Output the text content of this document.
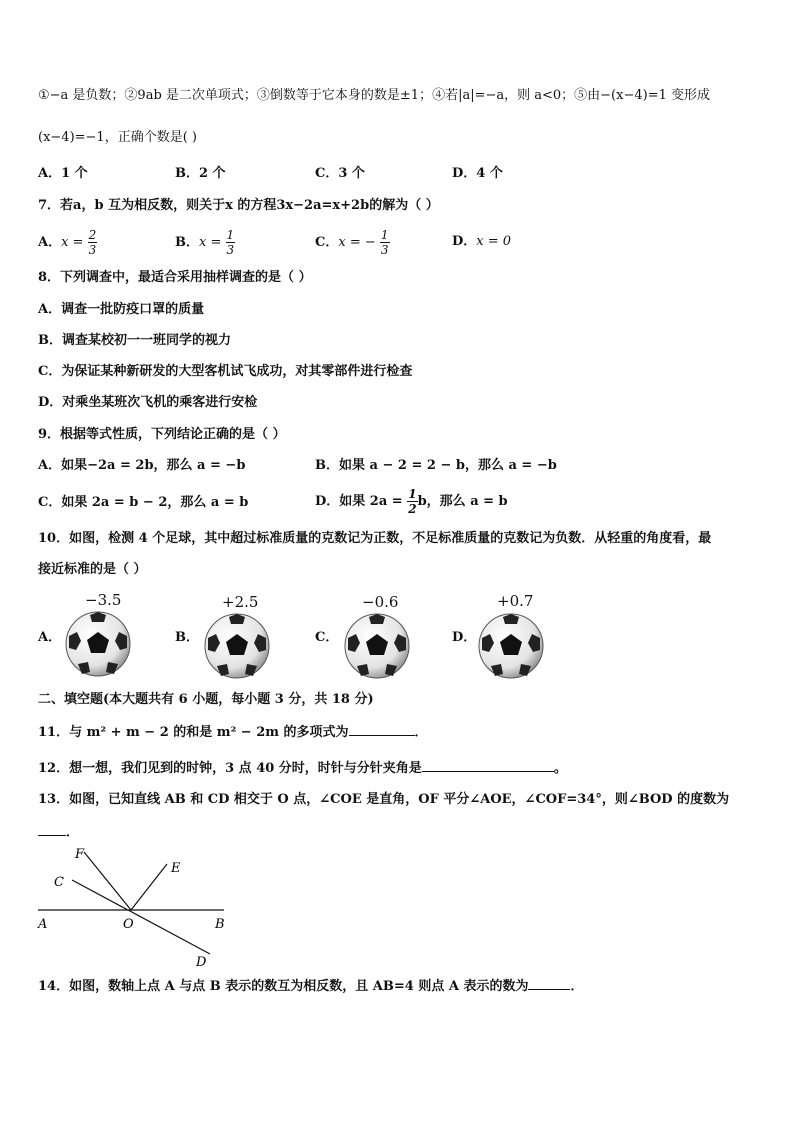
①−a 是负数；②9ab 是二次单项式；③倒数等于它本身的数是±1；④若|a|=−a，则 a<0；⑤由−(x−4)=1 变形成
(x−4)=−1，正确个数是( )
A．1 个	B．2 个	C．3 个	D．4 个
7．若a，b 互为相反数，则关于x 的方程3x−2a=x+2b的解为（ ）
A．$x = \frac{2}{3}$	B．$x = \frac{1}{3}$	C．x = − $\frac{1}{3}$	D．x = 0
8．下列调查中，最适合采用抽样调查的是（ ）
A．调查一批防疫口罩的质量
B．调查某校初一一班同学的视力
C．为保证某种新研发的大型客机试飞成功，对其零部件进行检查
D．对乘坐某班次飞机的乘客进行安检
9．根据等式性质，下列结论正确的是（ ）
A．如果−2a = 2b，那么 a = −b	B．如果 a − 2 = 2 − b，那么 a = −b
C．如果 2a = b − 2，那么 a = b	D．如果 $2a = \frac{1}{2}$ b，那么 a = b
10．如图，检测 4 个足球，其中超过标准质量的克数记为正数，不足标准质量的克数记为负数．从轻重的角度看，最
接近标准的是（ ）
A．
−3.5
B．
+2.5
C．
−0.6
D．
+0.7
二、填空题(本大题共有 6 小题，每小题 3 分，共 18 分)
11．与 m² + m − 2 的和是 m² − 2m 的多项式为	．
12．想一想，我们见到的时钟，3 点 40 分时，时针与分针夹角是	。
13．如图，已知直线 AB 和 CD 相交于 O 点，∠COE 是直角，OF 平分∠AOE，∠COF=34°，则∠BOD 的度数为
．
F
C
E
A	O	B
D
14．如图，数轴上点 A 与点 B 表示的数互为相反数，且 AB=4 则点 A 表示的数为	．
